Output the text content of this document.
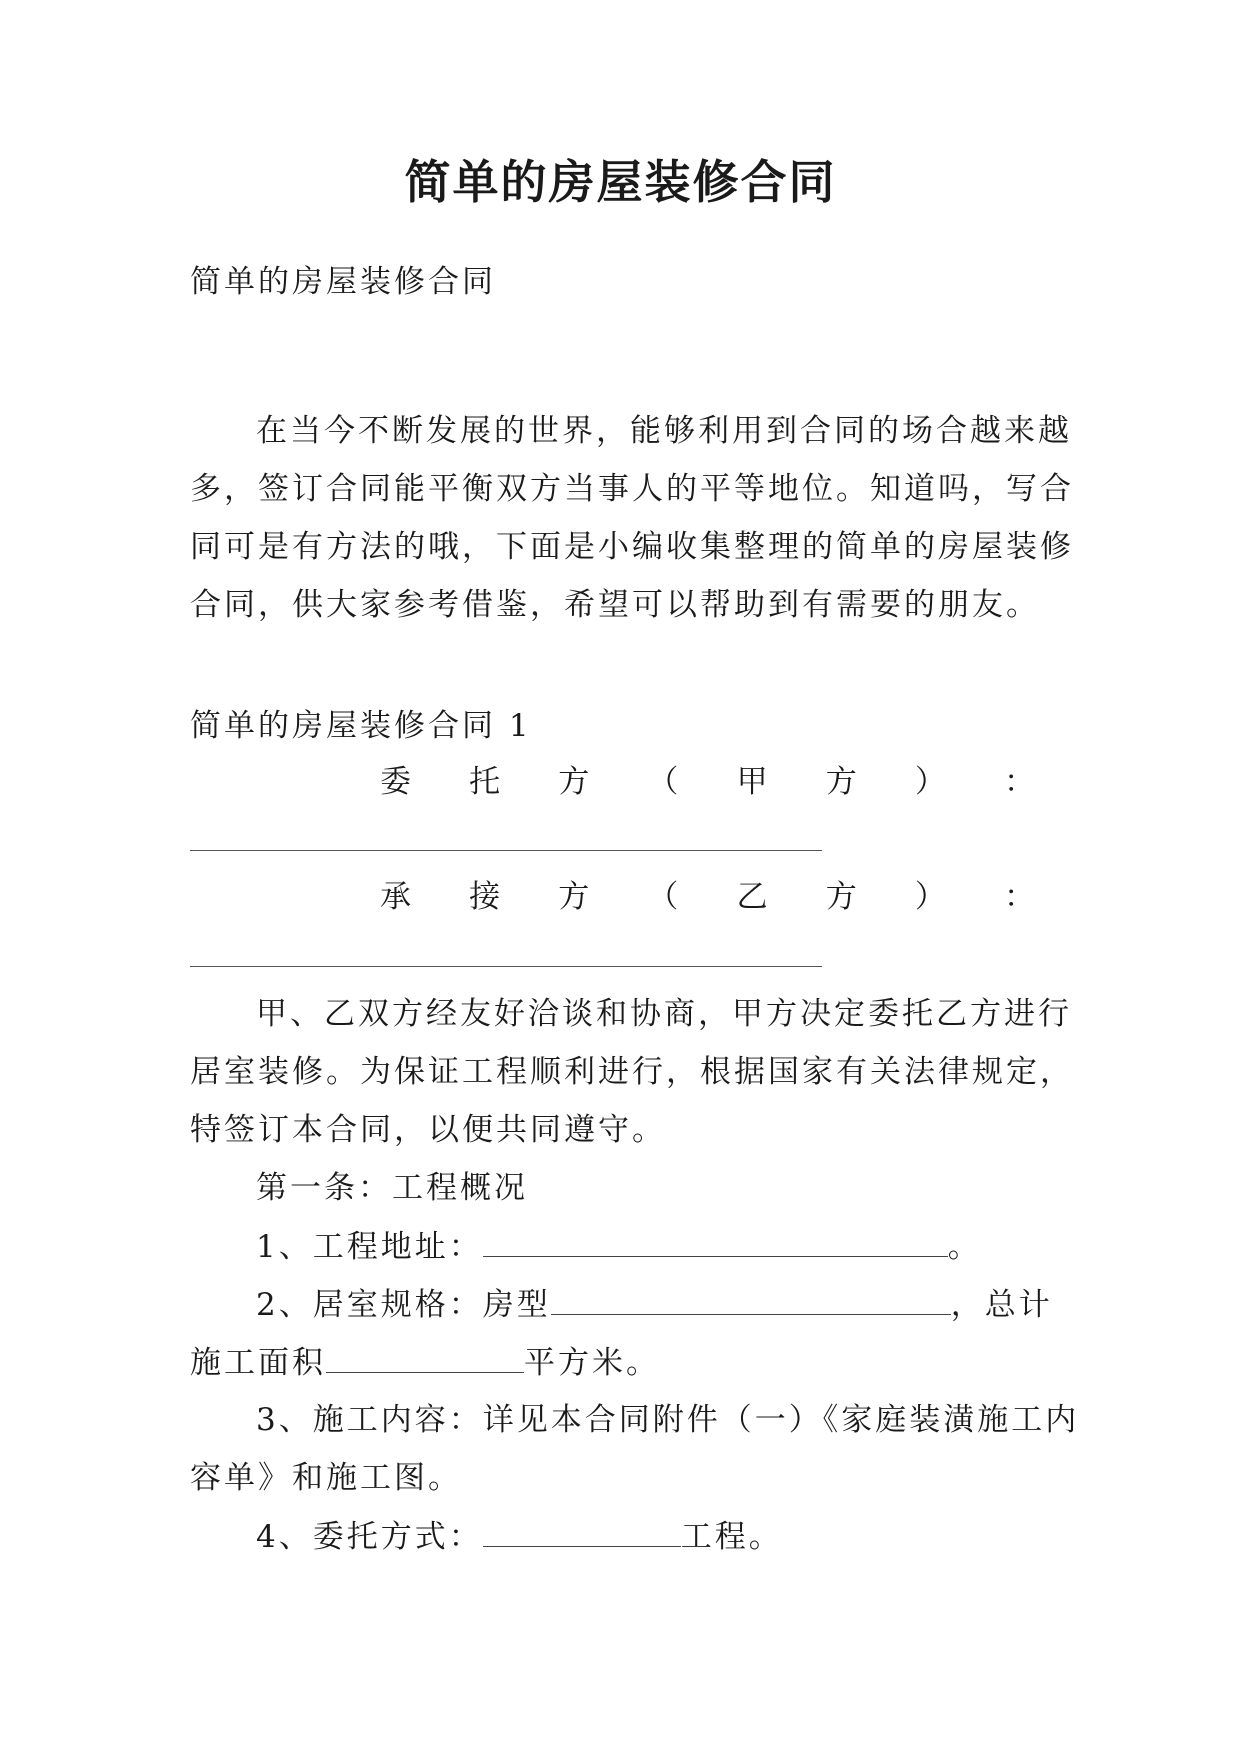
简单的房屋装修合同
简单的房屋装修合同
在当今不断发展的世界，能够利用到合同的场合越来越
多，签订合同能平衡双方当事人的平等地位。知道吗，写合
同可是有方法的哦，下面是小编收集整理的简单的房屋装修
合同，供大家参考借鉴，希望可以帮助到有需要的朋友。
简单的房屋装修合同 1
委 托 方 （ 甲 方 ） ：
承 接 方 （ 乙 方 ） ：
甲、乙双方经友好洽谈和协商，甲方决定委托乙方进行
居室装修。为保证工程顺利进行，根据国家有关法律规定，
特签订本合同，以便共同遵守。
第一条：工程概况
1、工程地址：	。
2、居室规格：房型	，总计
施工面积	平方米。
3、施工内容：详见本合同附件（一）《家庭装潢施工内
容单》和施工图。
4、委托方式：	工程。
